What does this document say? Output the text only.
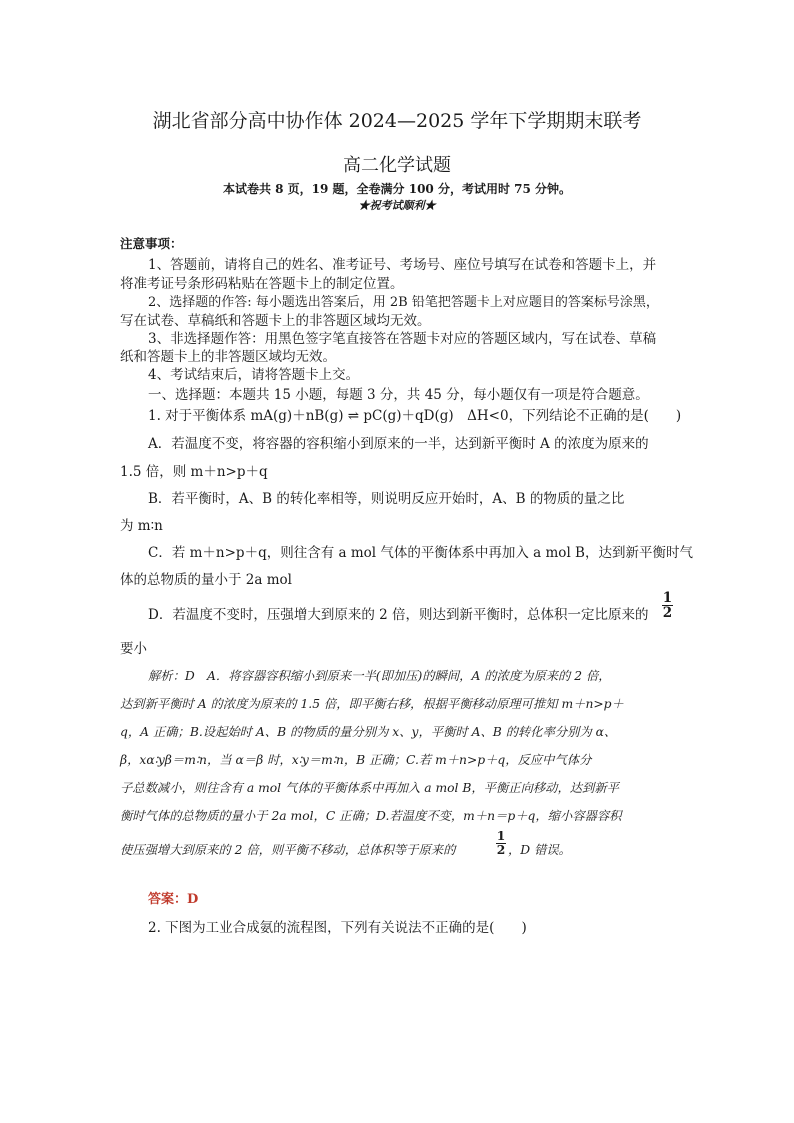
湖北省部分高中协作体 2024—2025 学年下学期期末联考
高二化学试题
本试卷共 8 页，19 题，全卷满分 100 分，考试用时 75 分钟。
★祝考试顺利★
注意事项：
1、答题前，请将自己的姓名、准考证号、考场号、座位号填写在试卷和答题卡上，并
将准考证号条形码粘贴在答题卡上的制定位置。
2、选择题的作答: 每小题选出答案后，用 2B 铅笔把答题卡上对应题目的答案标号涂黑，
写在试卷、草稿纸和答题卡上的非答题区域均无效。
3、非选择题作答：用黑色签字笔直接答在答题卡对应的答题区域内，写在试卷、草稿
纸和答题卡上的非答题区域均无效。
4、考试结束后，请将答题卡上交。
一、选择题：本题共 15 小题，每题 3 分，共 45 分，每小题仅有一项是符合题意。
1. 对于平衡体系 mA(g)＋nB(g) ⇌ pC(g)＋qD(g)　ΔH<0，下列结论不正确的是(　　)
A．若温度不变，将容器的容积缩小到原来的一半，达到新平衡时 A 的浓度为原来的
1.5 倍，则 m＋n>p＋q
B．若平衡时，A、B 的转化率相等，则说明反应开始时，A、B 的物质的量之比
为 m∶n
C．若 m＋n>p＋q，则往含有 a mol 气体的平衡体系中再加入 a mol B，达到新平衡时气
体的总物质的量小于 2a mol
D．若温度不变时，压强增大到原来的 2 倍，则达到新平衡时，总体积一定比原来的 $\frac{1}{2}$
要小
解析：D　A．将容器容积缩小到原来一半(即加压)的瞬间，A 的浓度为原来的 2 倍，
达到新平衡时 A 的浓度为原来的 1.5 倍，即平衡右移，根据平衡移动原理可推知 m＋n>p＋
q，A 正确；B.设起始时 A、B 的物质的量分别为 x、y，平衡时 A、B 的转化率分别为 α、
β，xα∶yβ＝m∶n，当 α＝β 时，x∶y＝m∶n，B 正确；C.若 m＋n>p＋q，反应中气体分
子总数减小，则往含有 a mol 气体的平衡体系中再加入 a mol B，平衡正向移动，达到新平
衡时气体的总物质的量小于 2a mol，C 正确；D.若温度不变，m＋n＝p＋q，缩小容器容积
使压强增大到原来的 2 倍，则平衡不移动，总体积等于原来的	$\frac{1}{2}$ ，D 错误。
答案：D
2. 下图为工业合成氨的流程图，下列有关说法不正确的是(　　)
